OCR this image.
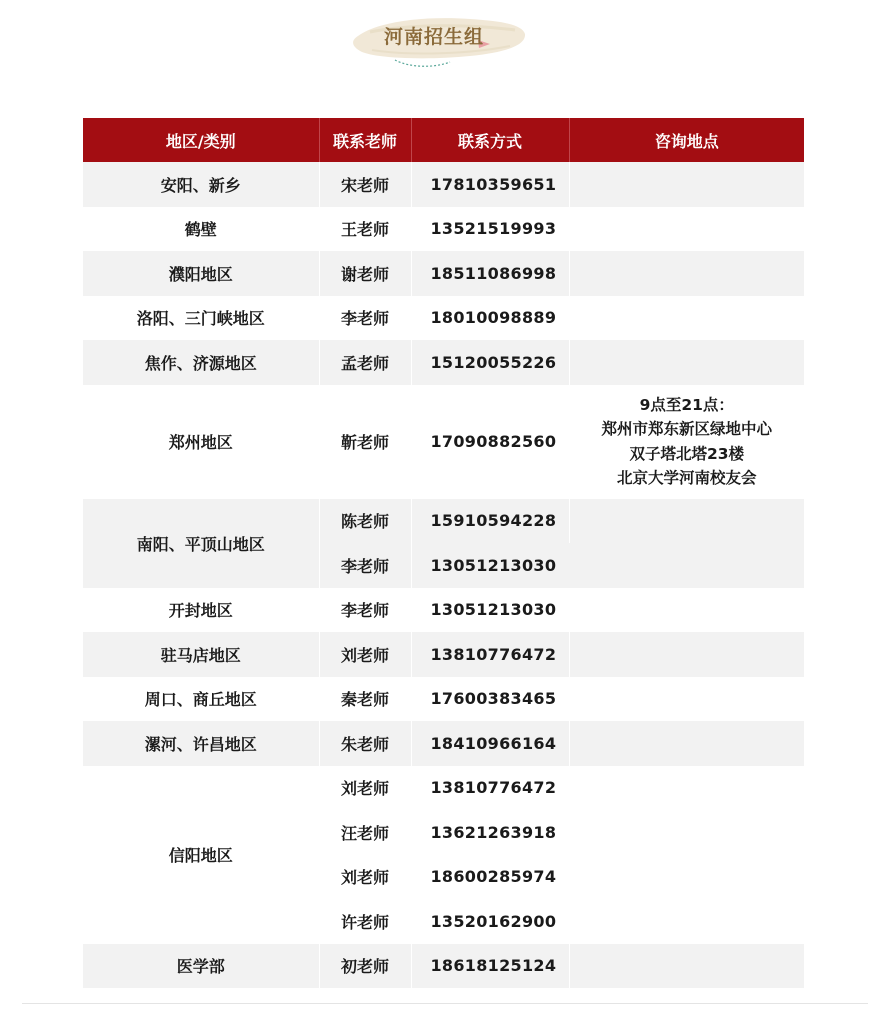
河南招生组
地区/类别	联系老师	联系方式	咨询地点
安阳、新乡	宋老师	17810359651	
鹤壁	王老师	13521519993	
濮阳地区	谢老师	18511086998	
洛阳、三门峡地区	李老师	18010098889	
焦作、济源地区	孟老师	15120055226	
郑州地区	靳老师	17090882560	9点至21点：
郑州市郑东新区绿地中心
双子塔北塔23楼
北京大学河南校友会

南阳、平顶山地区	陈老师	15910594228	
	李老师	13051213030	
开封地区	李老师	13051213030	
驻马店地区	刘老师	13810776472	
周口、商丘地区	秦老师	17600383465	
漯河、许昌地区	朱老师	18410966164	
信阳地区	刘老师	13810776472	
	汪老师	13621263918	
	刘老师	18600285974	
	许老师	13520162900	
医学部	初老师	18618125124	
